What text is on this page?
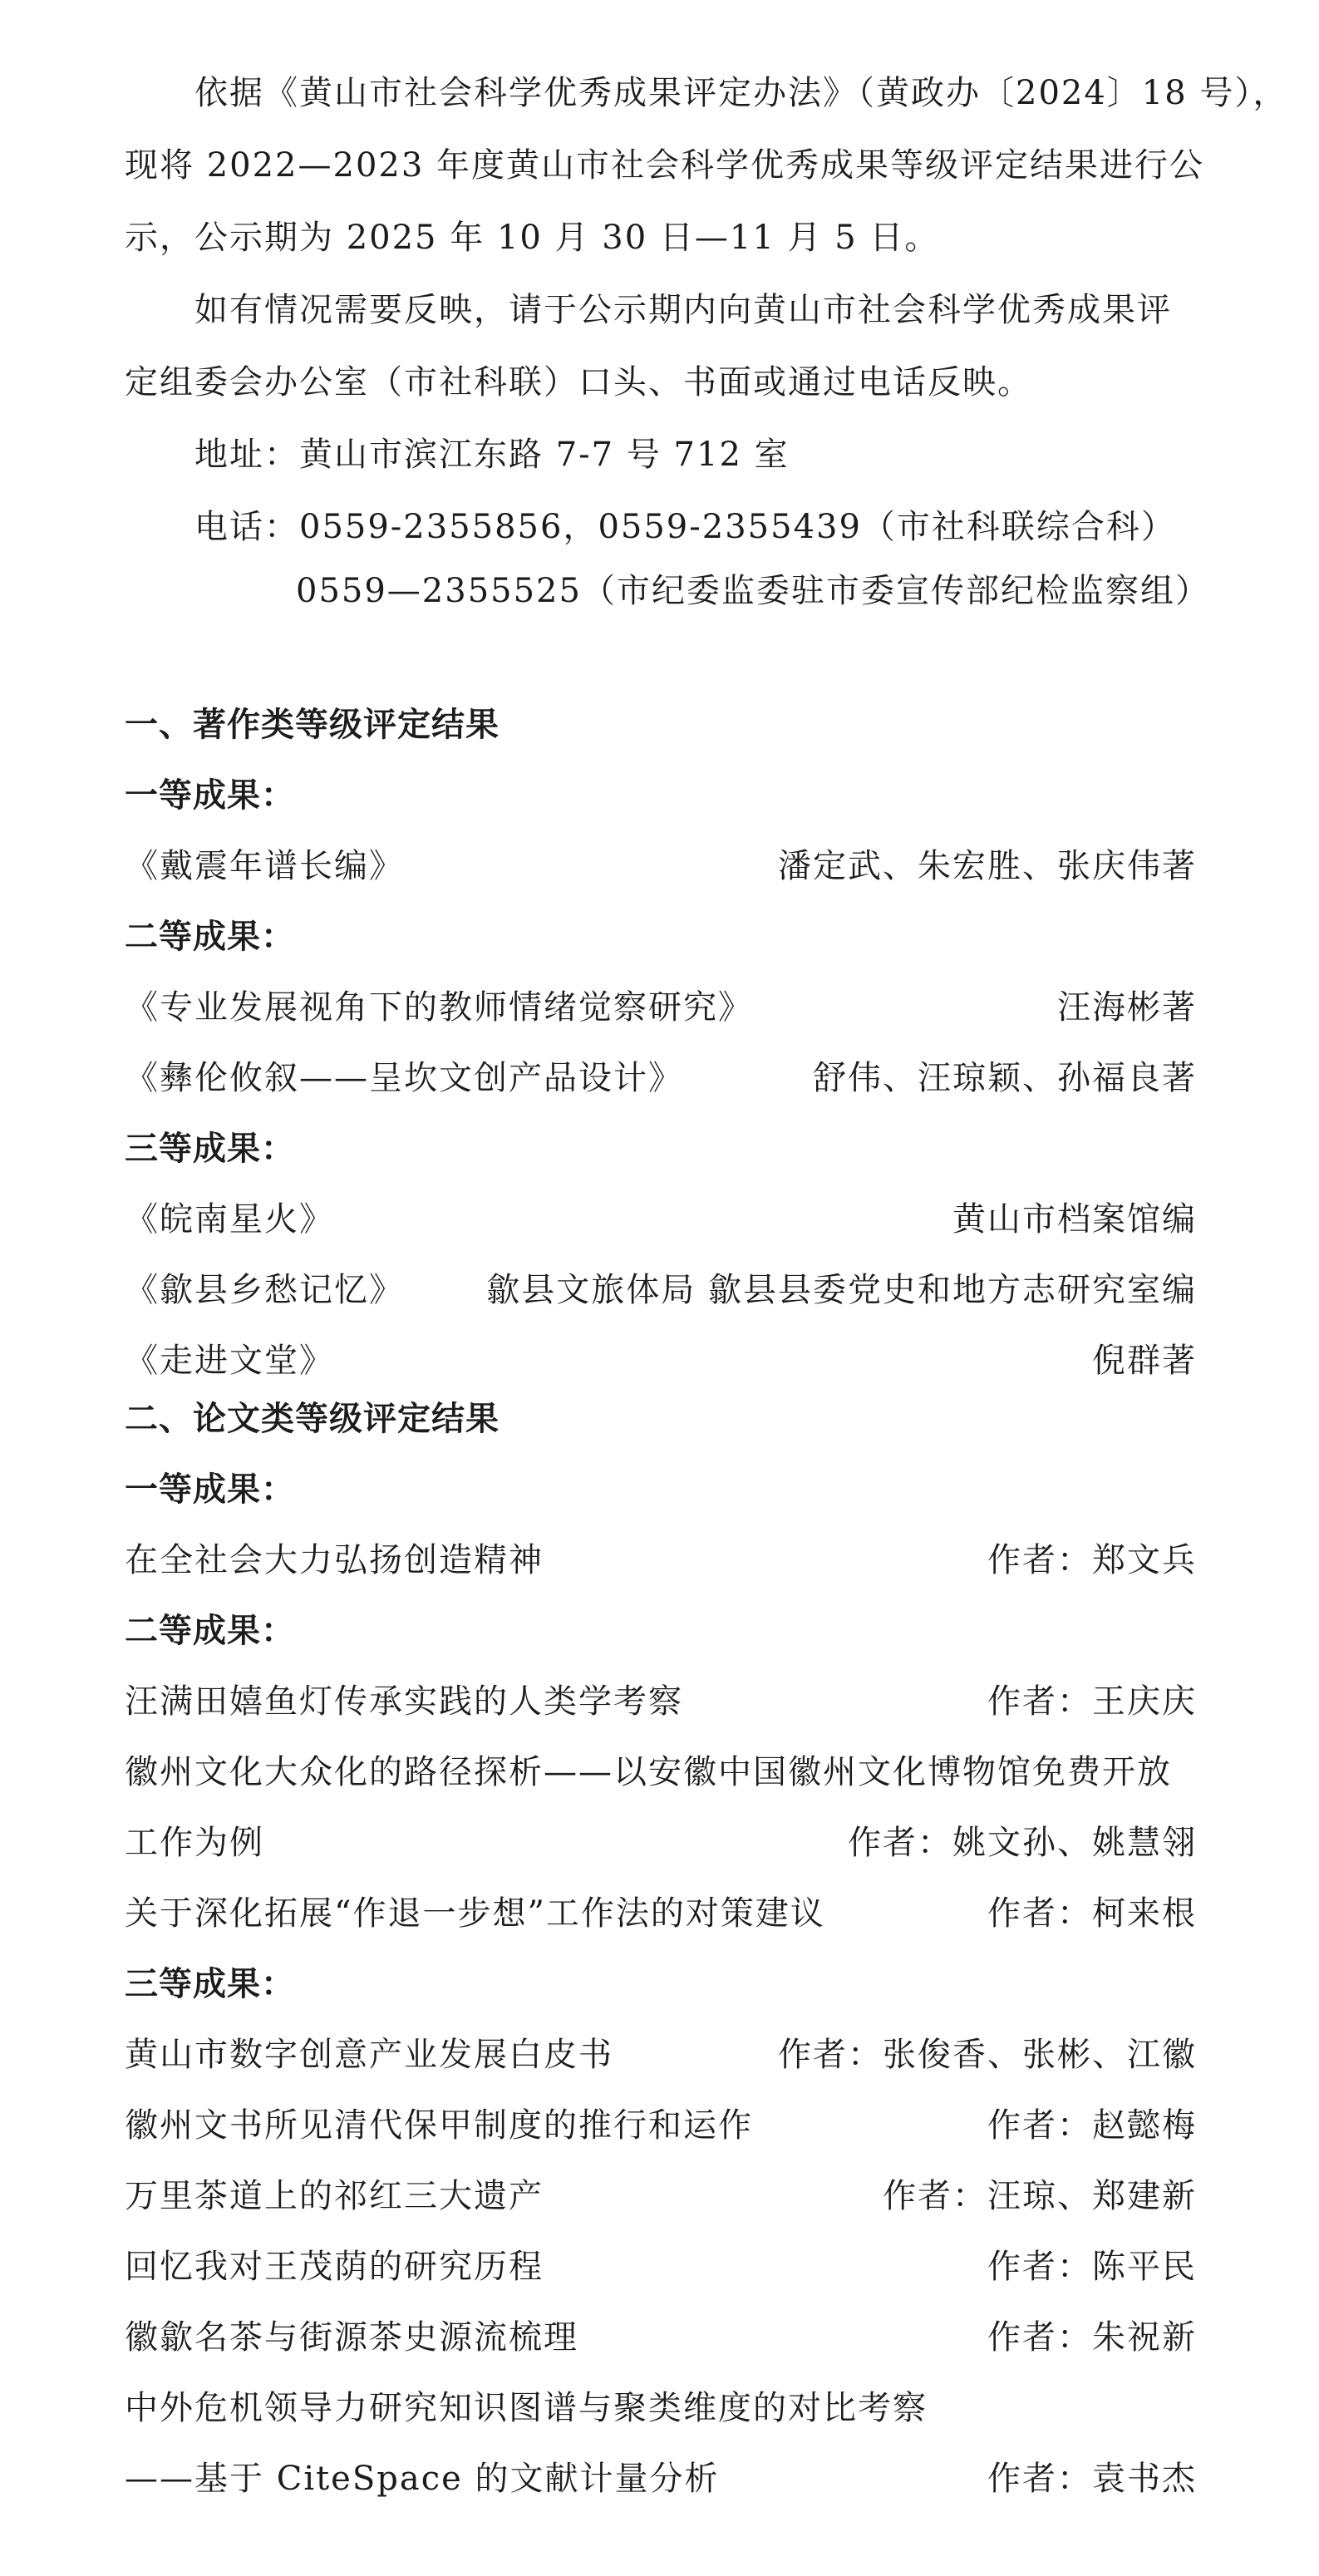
　　依据《黄山市社会科学优秀成果评定办法》（黄政办〔2024〕18 号），
现将 2022—2023 年度黄山市社会科学优秀成果等级评定结果进行公
示，公示期为 2025 年 10 月 30 日—11 月 5 日。
　　如有情况需要反映，请于公示期内向黄山市社会科学优秀成果评
定组委会办公室（市社科联）口头、书面或通过电话反映。
　　地址：黄山市滨江东路 7-7 号 712 室
　　电话：0559-2355856，0559-2355439（市社科联综合科）
0559—2355525（市纪委监委驻市委宣传部纪检监察组）
一、著作类等级评定结果
一等成果：
《戴震年谱长编》	潘定武、朱宏胜、张庆伟著
二等成果：
《专业发展视角下的教师情绪觉察研究》	汪海彬著
《彝伦攸叙——呈坎文创产品设计》	舒伟、汪琼颖、孙福良著
三等成果：
《皖南星火》	黄山市档案馆编
《歙县乡愁记忆》 歙县文旅体局 歙县县委党史和地方志研究室编
《走进文堂》	倪群著
二、论文类等级评定结果
一等成果：
在全社会大力弘扬创造精神	作者：郑文兵
二等成果：
汪满田嬉鱼灯传承实践的人类学考察	作者：王庆庆
徽州文化大众化的路径探析——以安徽中国徽州文化博物馆免费开放
工作为例	作者：姚文孙、姚慧翎
关于深化拓展“作退一步想”工作法的对策建议	作者：柯来根
三等成果：
黄山市数字创意产业发展白皮书	作者：张俊香、张彬、江徽
徽州文书所见清代保甲制度的推行和运作	作者：赵懿梅
万里茶道上的祁红三大遗产	作者：汪琼、郑建新
回忆我对王茂荫的研究历程	作者：陈平民
徽歙名茶与街源茶史源流梳理	作者：朱祝新
中外危机领导力研究知识图谱与聚类维度的对比考察
——基于 CiteSpace 的文献计量分析	作者：袁书杰
